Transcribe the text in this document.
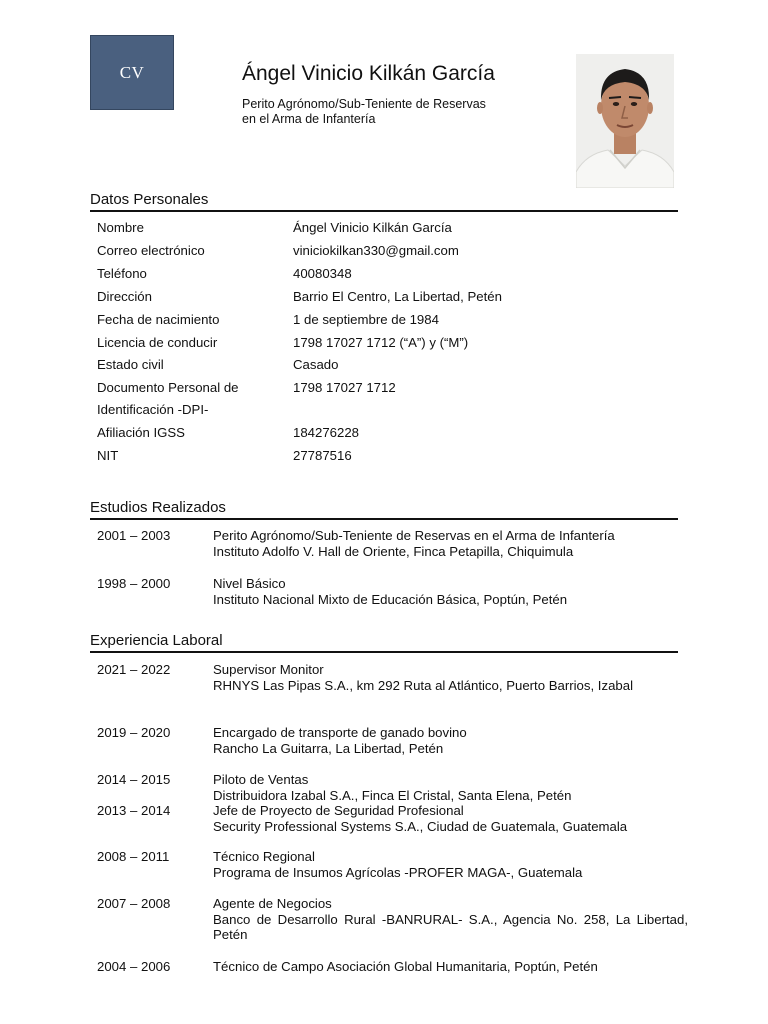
CV	Ángel Vinicio Kilkán García
Perito Agrónomo/Sub-Teniente de Reservas
en el Arma de Infantería
Datos Personales
Nombre	Ángel Vinicio Kilkán García
Correo electrónico	viniciokilkan330@gmail.com
Teléfono	40080348
Dirección	Barrio El Centro, La Libertad, Petén
Fecha de nacimiento	1 de septiembre de 1984
Licencia de conducir	1798 17027 1712 (“A”) y (“M”)
Estado civil	Casado
Documento Personal de	1798 17027 1712
Identificación -DPI-
Afiliación IGSS	184276228
NIT	27787516
Estudios Realizados
2001 – 2003	Perito Agrónomo/Sub-Teniente de Reservas en el Arma de Infantería
Instituto Adolfo V. Hall de Oriente, Finca Petapilla, Chiquimula
1998 – 2000	Nivel Básico
Instituto Nacional Mixto de Educación Básica, Poptún, Petén
Experiencia Laboral
2021 – 2022	Supervisor Monitor
RHNYS Las Pipas S.A., km 292 Ruta al Atlántico, Puerto Barrios, Izabal
2019 – 2020	Encargado de transporte de ganado bovino
Rancho La Guitarra, La Libertad, Petén
2014 – 2015	Piloto de Ventas
Distribuidora Izabal S.A., Finca El Cristal, Santa Elena, Petén
2013 – 2014	Jefe de Proyecto de Seguridad Profesional
Security Professional Systems S.A., Ciudad de Guatemala, Guatemala
2008 – 2011	Técnico Regional
Programa de Insumos Agrícolas -PROFER MAGA-, Guatemala
2007 – 2008	Agente de Negocios
Banco de Desarrollo Rural -BANRURAL- S.A., Agencia No. 258, La Libertad, Petén
2004 – 2006	Técnico de Campo Asociación Global Humanitaria, Poptún, Petén
